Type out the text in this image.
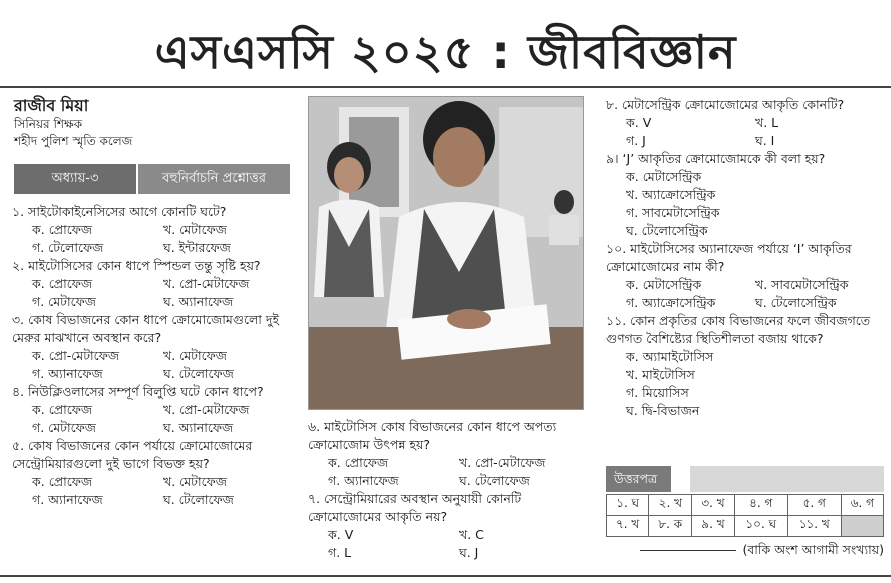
এসএসসি ২০২৫ : জীববিজ্ঞান
রাজীব মিয়া
সিনিয়র শিক্ষক
শহীদ পুলিশ স্মৃতি কলেজ
অধ্যায়-৩	বহুনির্বাচনি প্রশ্নোত্তর
১. সাইটোকাইনেসিসের আগে কোনটি ঘটে?
ক. প্রোফেজ	খ. মেটাফেজ
গ. টেলোফেজ	ঘ. ইন্টারফেজ
২. মাইটোসিসের কোন ধাপে স্পিন্ডল তন্তু সৃষ্টি হয়?
ক. প্রোফেজ	খ. প্রো-মেটাফেজ
গ. মেটাফেজ	ঘ. অ্যানাফেজ
৩. কোষ বিভাজনের কোন ধাপে ক্রোমোজোমগুলো দুই মেরুর মাঝখানে অবস্থান করে?
ক. প্রো-মেটাফেজ	খ. মেটাফেজ
গ. অ্যানাফেজ	ঘ. টেলোফেজ
৪. নিউক্লিওলাসের সম্পূর্ণ বিলুপ্তি ঘটে কোন ধাপে?
ক. প্রোফেজ	খ. প্রো-মেটাফেজ
গ. মেটাফেজ	ঘ. অ্যানাফেজ
৫. কোষ বিভাজনের কোন পর্যায়ে ক্রোমোজোমের সেন্ট্রোমিয়ারগুলো দুই ভাগে বিভক্ত হয়?
ক. প্রোফেজ	খ. মেটাফেজ
গ. অ্যানাফেজ	ঘ. টেলোফেজ
৬. মাইটোসিস কোষ বিভাজনের কোন ধাপে অপত্য ক্রোমোজোম উৎপন্ন হয়?
ক. প্রোফেজ	খ. প্রো-মেটাফেজ
গ. অ্যানাফেজ	ঘ. টেলোফেজ
৭. সেন্ট্রোমিয়ারের অবস্থান অনুযায়ী কোনটি ক্রোমোজোমের আকৃতি নয়?
ক. V	খ. C
গ. L	ঘ. J
৮. মেটাসেন্ট্রিক ক্রোমোজোমের আকৃতি কোনটি?
ক. V	খ. L
গ. J	ঘ. I
৯। ‘J’ আকৃতির ক্রোমোজোমকে কী বলা হয়?
ক. মেটাসেন্ট্রিক
খ. অ্যাক্রোসেন্ট্রিক
গ. সাবমেটাসেন্ট্রিক
ঘ. টেলোসেন্ট্রিক
১০. মাইটোসিসের অ্যানাফেজ পর্যায়ে ‘I’ আকৃতির ক্রোমোজোমের নাম কী?
ক. মেটাসেন্ট্রিক	খ. সাবমেটাসেন্ট্রিক
গ. অ্যাক্রোসেন্ট্রিক	ঘ. টেলোসেন্ট্রিক
১১. কোন প্রকৃতির কোষ বিভাজনের ফলে জীবজগতে গুণগত বৈশিষ্ট্যের স্থিতিশীলতা বজায় থাকে?
ক. অ্যামাইটোসিস
খ. মাইটোসিস
গ. মিয়োসিস
ঘ. দ্বি-বিভাজন
উত্তরপত্র
১. ঘ	২. খ	৩. খ	৪. গ	৫. গ	৬. গ
৭. খ	৮. ক	৯. খ	১০. ঘ	১১. খ	
(বাকি অংশ আগামী সংখ্যায়)
